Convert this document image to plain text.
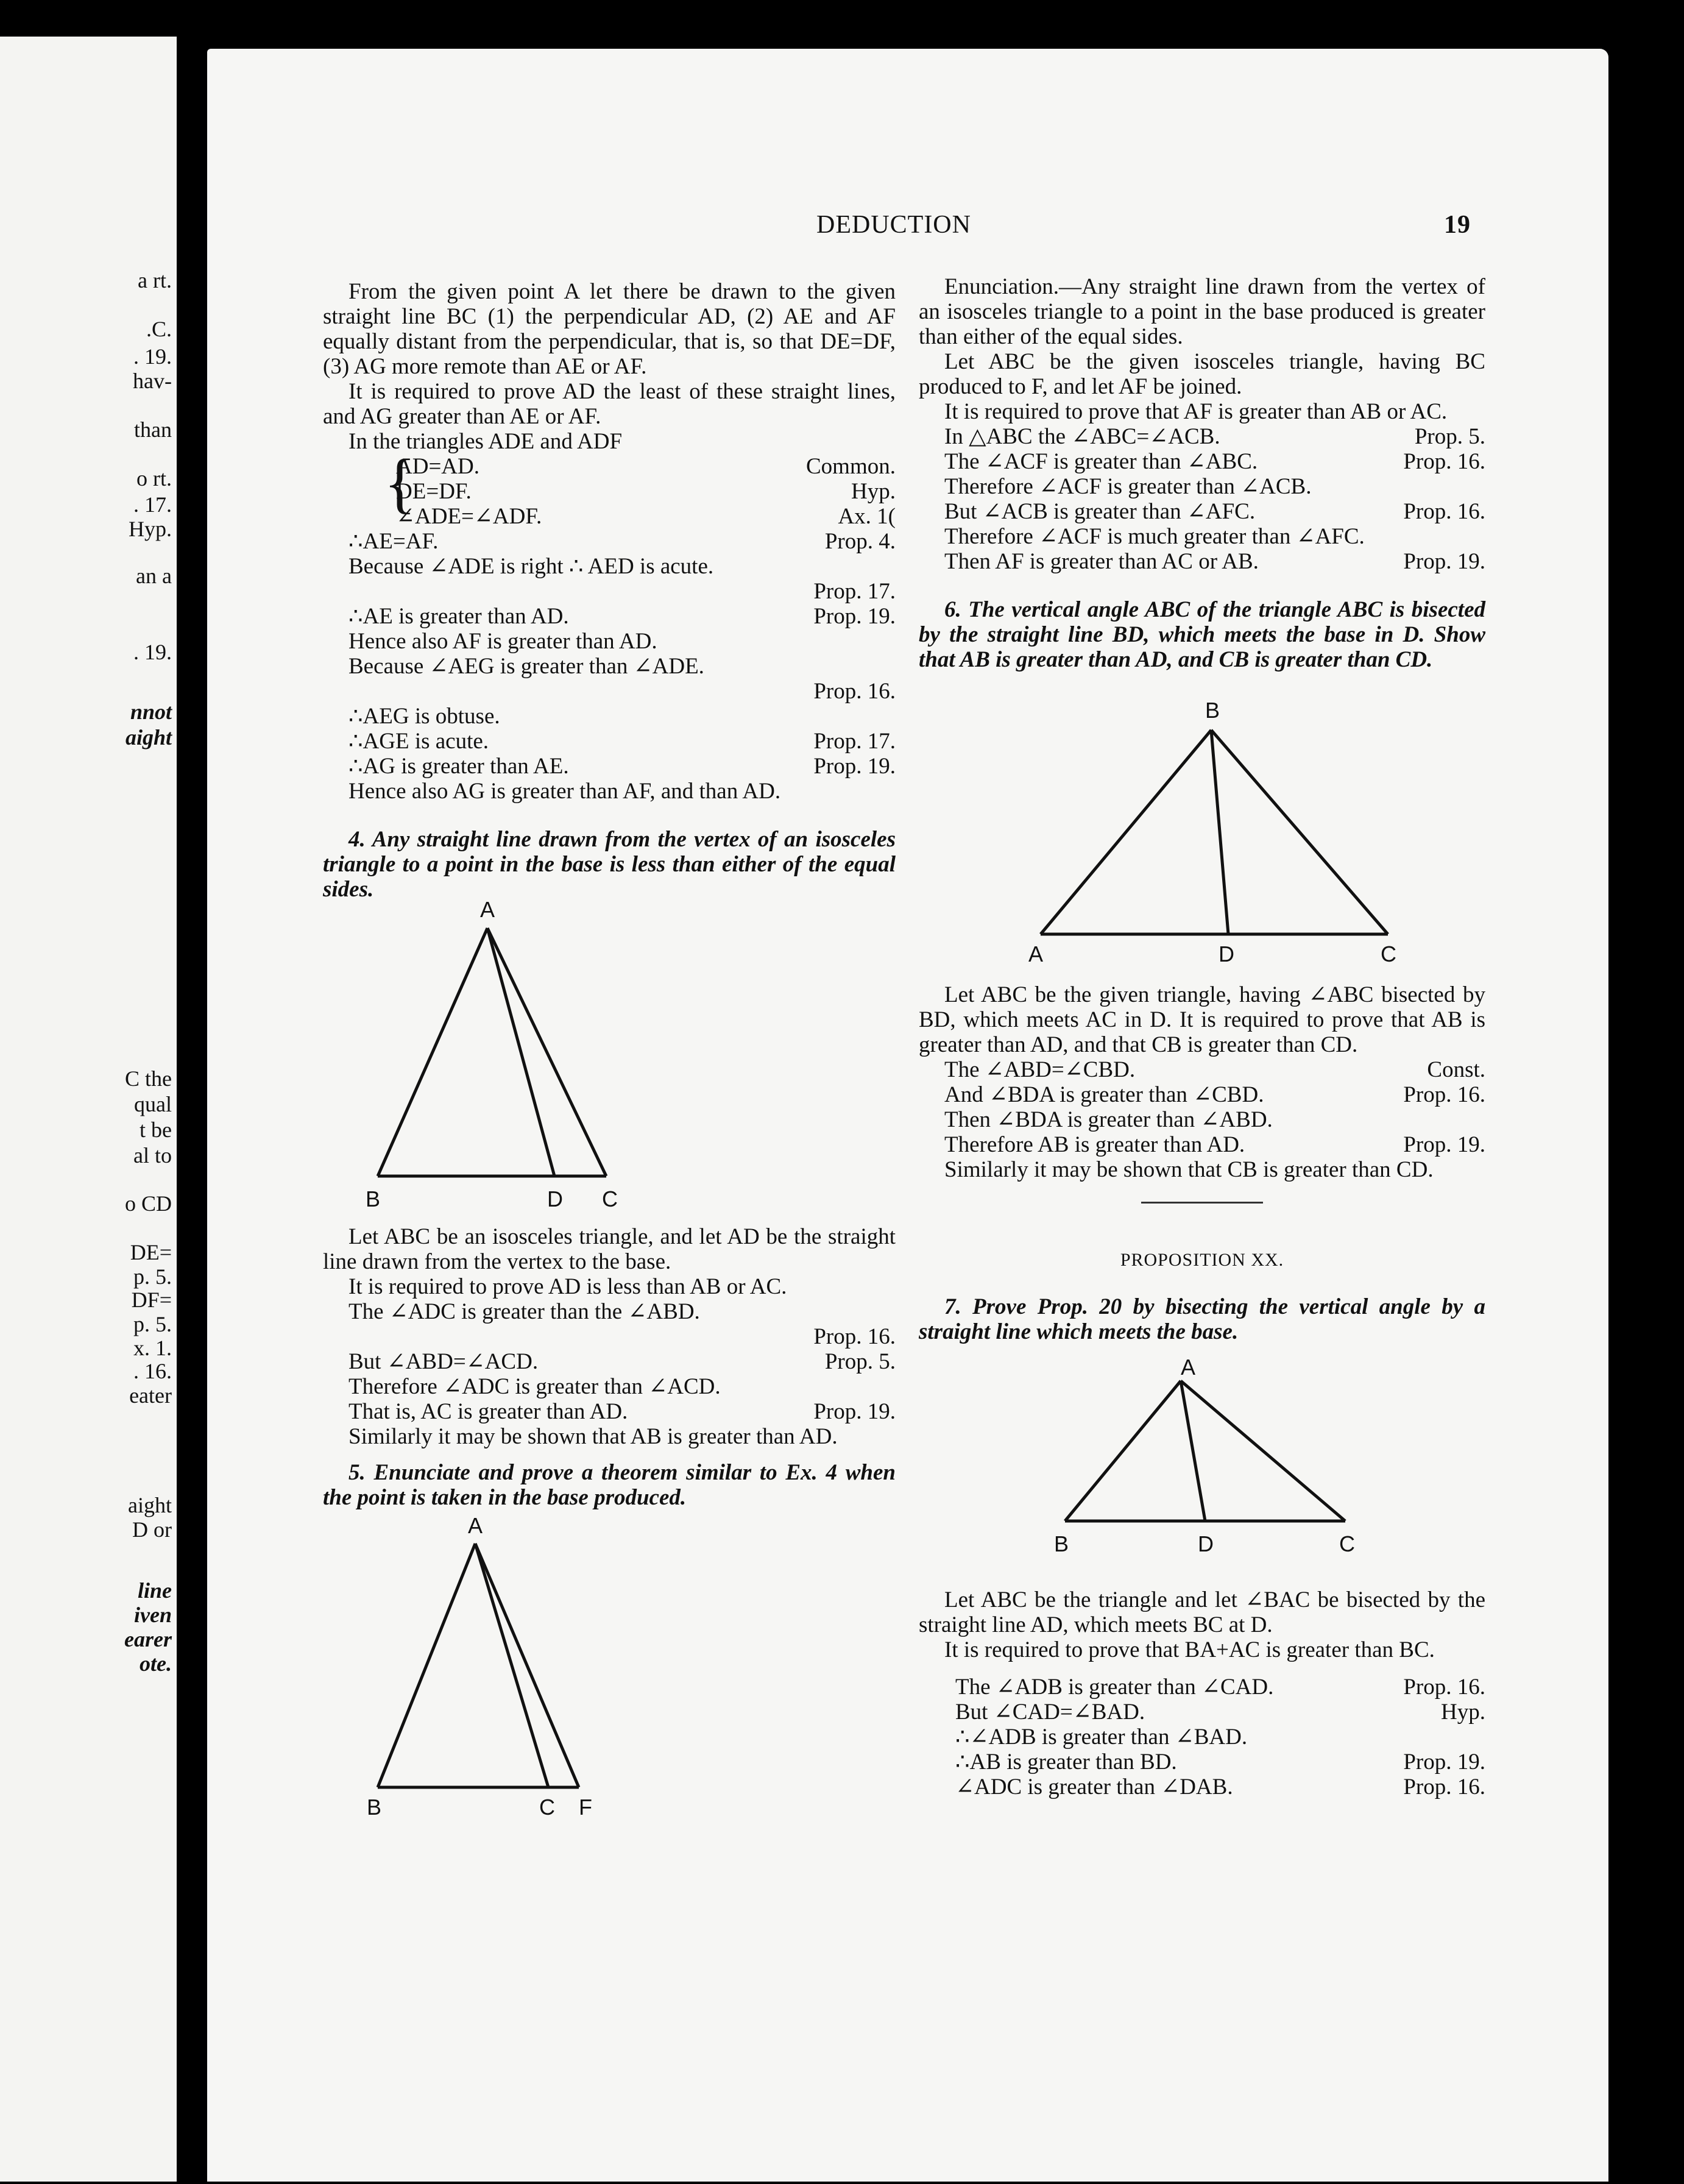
a rt.
.C.
. 19.
hav-
than
o rt.
. 17.
Hyp.
an a
. 19.
nnot
aight
C the
qual
t be
al to
o CD
DE=
p. 5.
DF=
p. 5.
x. 1.
. 16.
eater
aight
D or
line
iven
earer
ote.
DEDUCTION	19

From the given point A let there be drawn to the given straight line BC (1) the perpendicular AD, (2) AE and AF equally distant from the perpendicular, that is, so that DE=DF, (3) AG more remote than AE or AF.

It is required to prove AD the least of these straight lines, and AG greater than AE or AF.

In the triangles ADE and ADF

{
AD=AD.	Common.
DE=DF.	Hyp.
∠ADE=∠ADF.	Ax. 1(
∴AE=AF.	Prop. 4.
Because ∠ADE is right ∴ AED is acute.
Prop. 17.
∴AE is greater than AD.	Prop. 19.
Hence also AF is greater than AD.
Because ∠AEG is greater than ∠ADE.
Prop. 16.
∴AEG is obtuse.
∴AGE is acute.	Prop. 17.
∴AG is greater than AE.	Prop. 19.

Hence also AG is greater than AF, and than AD.

4. Any straight line drawn from the vertex of an isosceles triangle to a point in the base is less than either of the equal sides.

A
B	D C

Let ABC be an isosceles triangle, and let AD be the straight line drawn from the vertex to the base.

It is required to prove AD is less than AB or AC.

The ∠ADC is greater than the ∠ABD.
Prop. 16.
But ∠ABD=∠ACD.	Prop. 5.
Therefore ∠ADC is greater than ∠ACD.
That is, AC is greater than AD.	Prop. 19.

Similarly it may be shown that AB is greater than AD.

5. Enunciate and prove a theorem similar to Ex. 4 when the point is taken in the base produced.

A
B	C F

Enunciation.—Any straight line drawn from the vertex of an isosceles triangle to a point in the base produced is greater than either of the equal sides.

Let ABC be the given isosceles triangle, having BC produced to F, and let AF be joined.

It is required to prove that AF is greater than AB or AC.

In △ABC the ∠ABC=∠ACB.	Prop. 5.
The ∠ACF is greater than ∠ABC.	Prop. 16.
Therefore ∠ACF is greater than ∠ACB.
But ∠ACB is greater than ∠AFC.	Prop. 16.
Therefore ∠ACF is much greater than ∠AFC.
Then AF is greater than AC or AB.	Prop. 19.

6. The vertical angle ABC of the triangle ABC is bisected by the straight line BD, which meets the base in D. Show that AB is greater than AD, and CB is greater than CD.

B
A	D	C

Let ABC be the given triangle, having ∠ABC bisected by BD, which meets AC in D. It is required to prove that AB is greater than AD, and that CB is greater than CD.

The ∠ABD=∠CBD.	Const.
And ∠BDA is greater than ∠CBD.	Prop. 16.
Then ∠BDA is greater than ∠ABD.
Therefore AB is greater than AD.	Prop. 19.

Similarly it may be shown that CB is greater than CD.

PROPOSITION XX.

7. Prove Prop. 20 by bisecting the vertical angle by a straight line which meets the base.

A
B	D	C

Let ABC be the triangle and let ∠BAC be bisected by the straight line AD, which meets BC at D.

It is required to prove that BA+AC is greater than BC.

The ∠ADB is greater than ∠CAD.	Prop. 16.
But ∠CAD=∠BAD.	Hyp.
∴∠ADB is greater than ∠BAD.
∴AB is greater than BD.	Prop. 19.
∠ADC is greater than ∠DAB.	Prop. 16.
